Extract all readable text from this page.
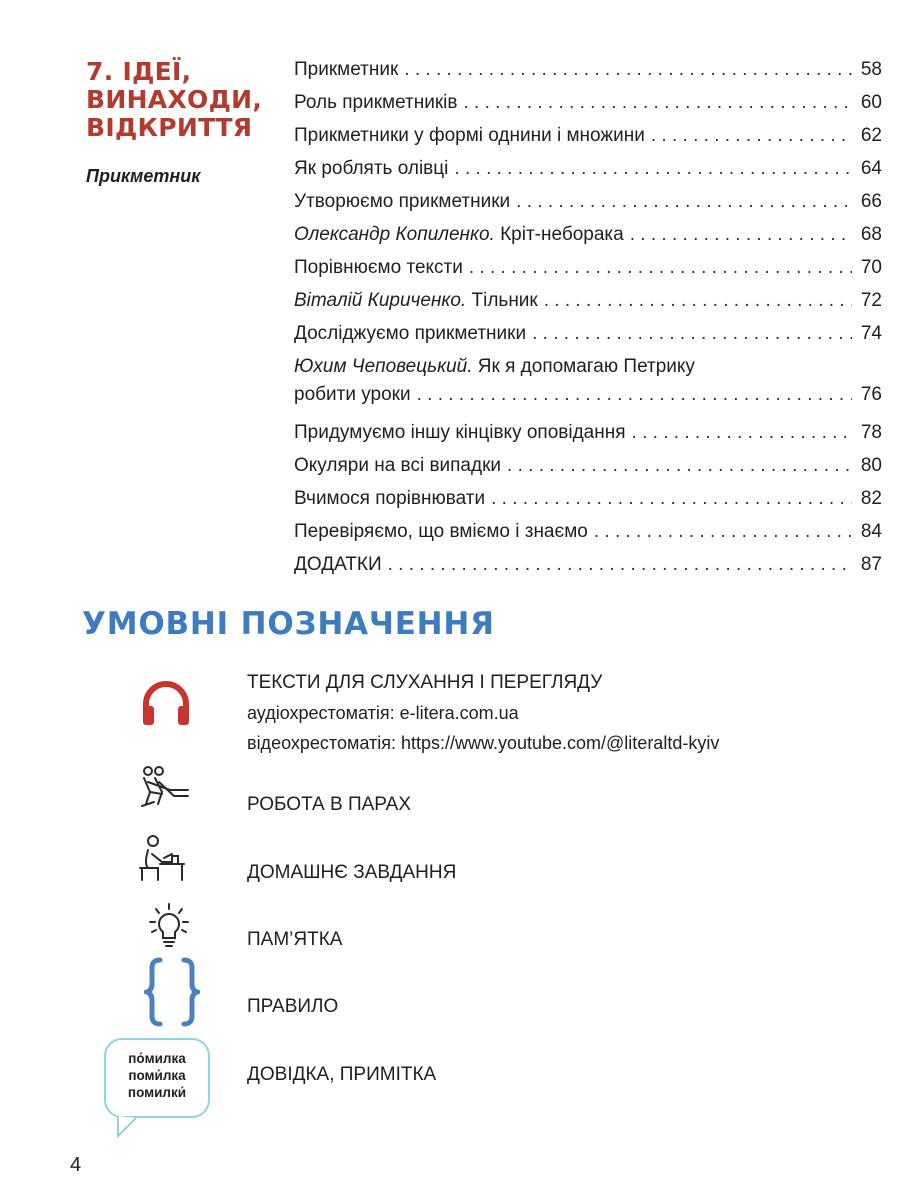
7. ІДЕЇ,
ВИНАХОДИ,
ВІДКРИТТЯ
Прикметник
Прикметник . . .	58
Роль прикметників . . .	60
Прикметники у формі однини і множини . . .	62
Як роблять олівці . . .	64
Утворюємо прикметники . . .	66
Олександр Копиленко.
Кріт-неборака . . .	68
Порівнюємо тексти . . .	70
Віталій Кириченко.
Тільник . . .	72
Досліджуємо прикметники . . .	74
Юхим Чеповецький.
Як я допомагаю Петрику
робити уроки . . .	76
Придумуємо іншу кінцівку оповідання . . .	78
Окуляри на всі випадки . . .	80
Вчимося порівнювати . . .	82
Перевіряємо, що вміємо і знаємо . . .	84
ДОДАТКИ . . .	87
УМОВНІ ПОЗНАЧЕННЯ
ТЕКСТИ ДЛЯ СЛУХАННЯ І ПЕРЕГЛЯДУ
аудіохрестоматія: e-litera.com.ua
відеохрестоматія: https://www.youtube.com/@literaltd-kyiv
РОБОТА В ПАРАХ
ДОМАШНЄ ЗАВДАННЯ
ПАМ’ЯТКА
ПРАВИЛО
по́милка
поми́лка
помилки́
ДОВІДКА, ПРИМІТКА
4
